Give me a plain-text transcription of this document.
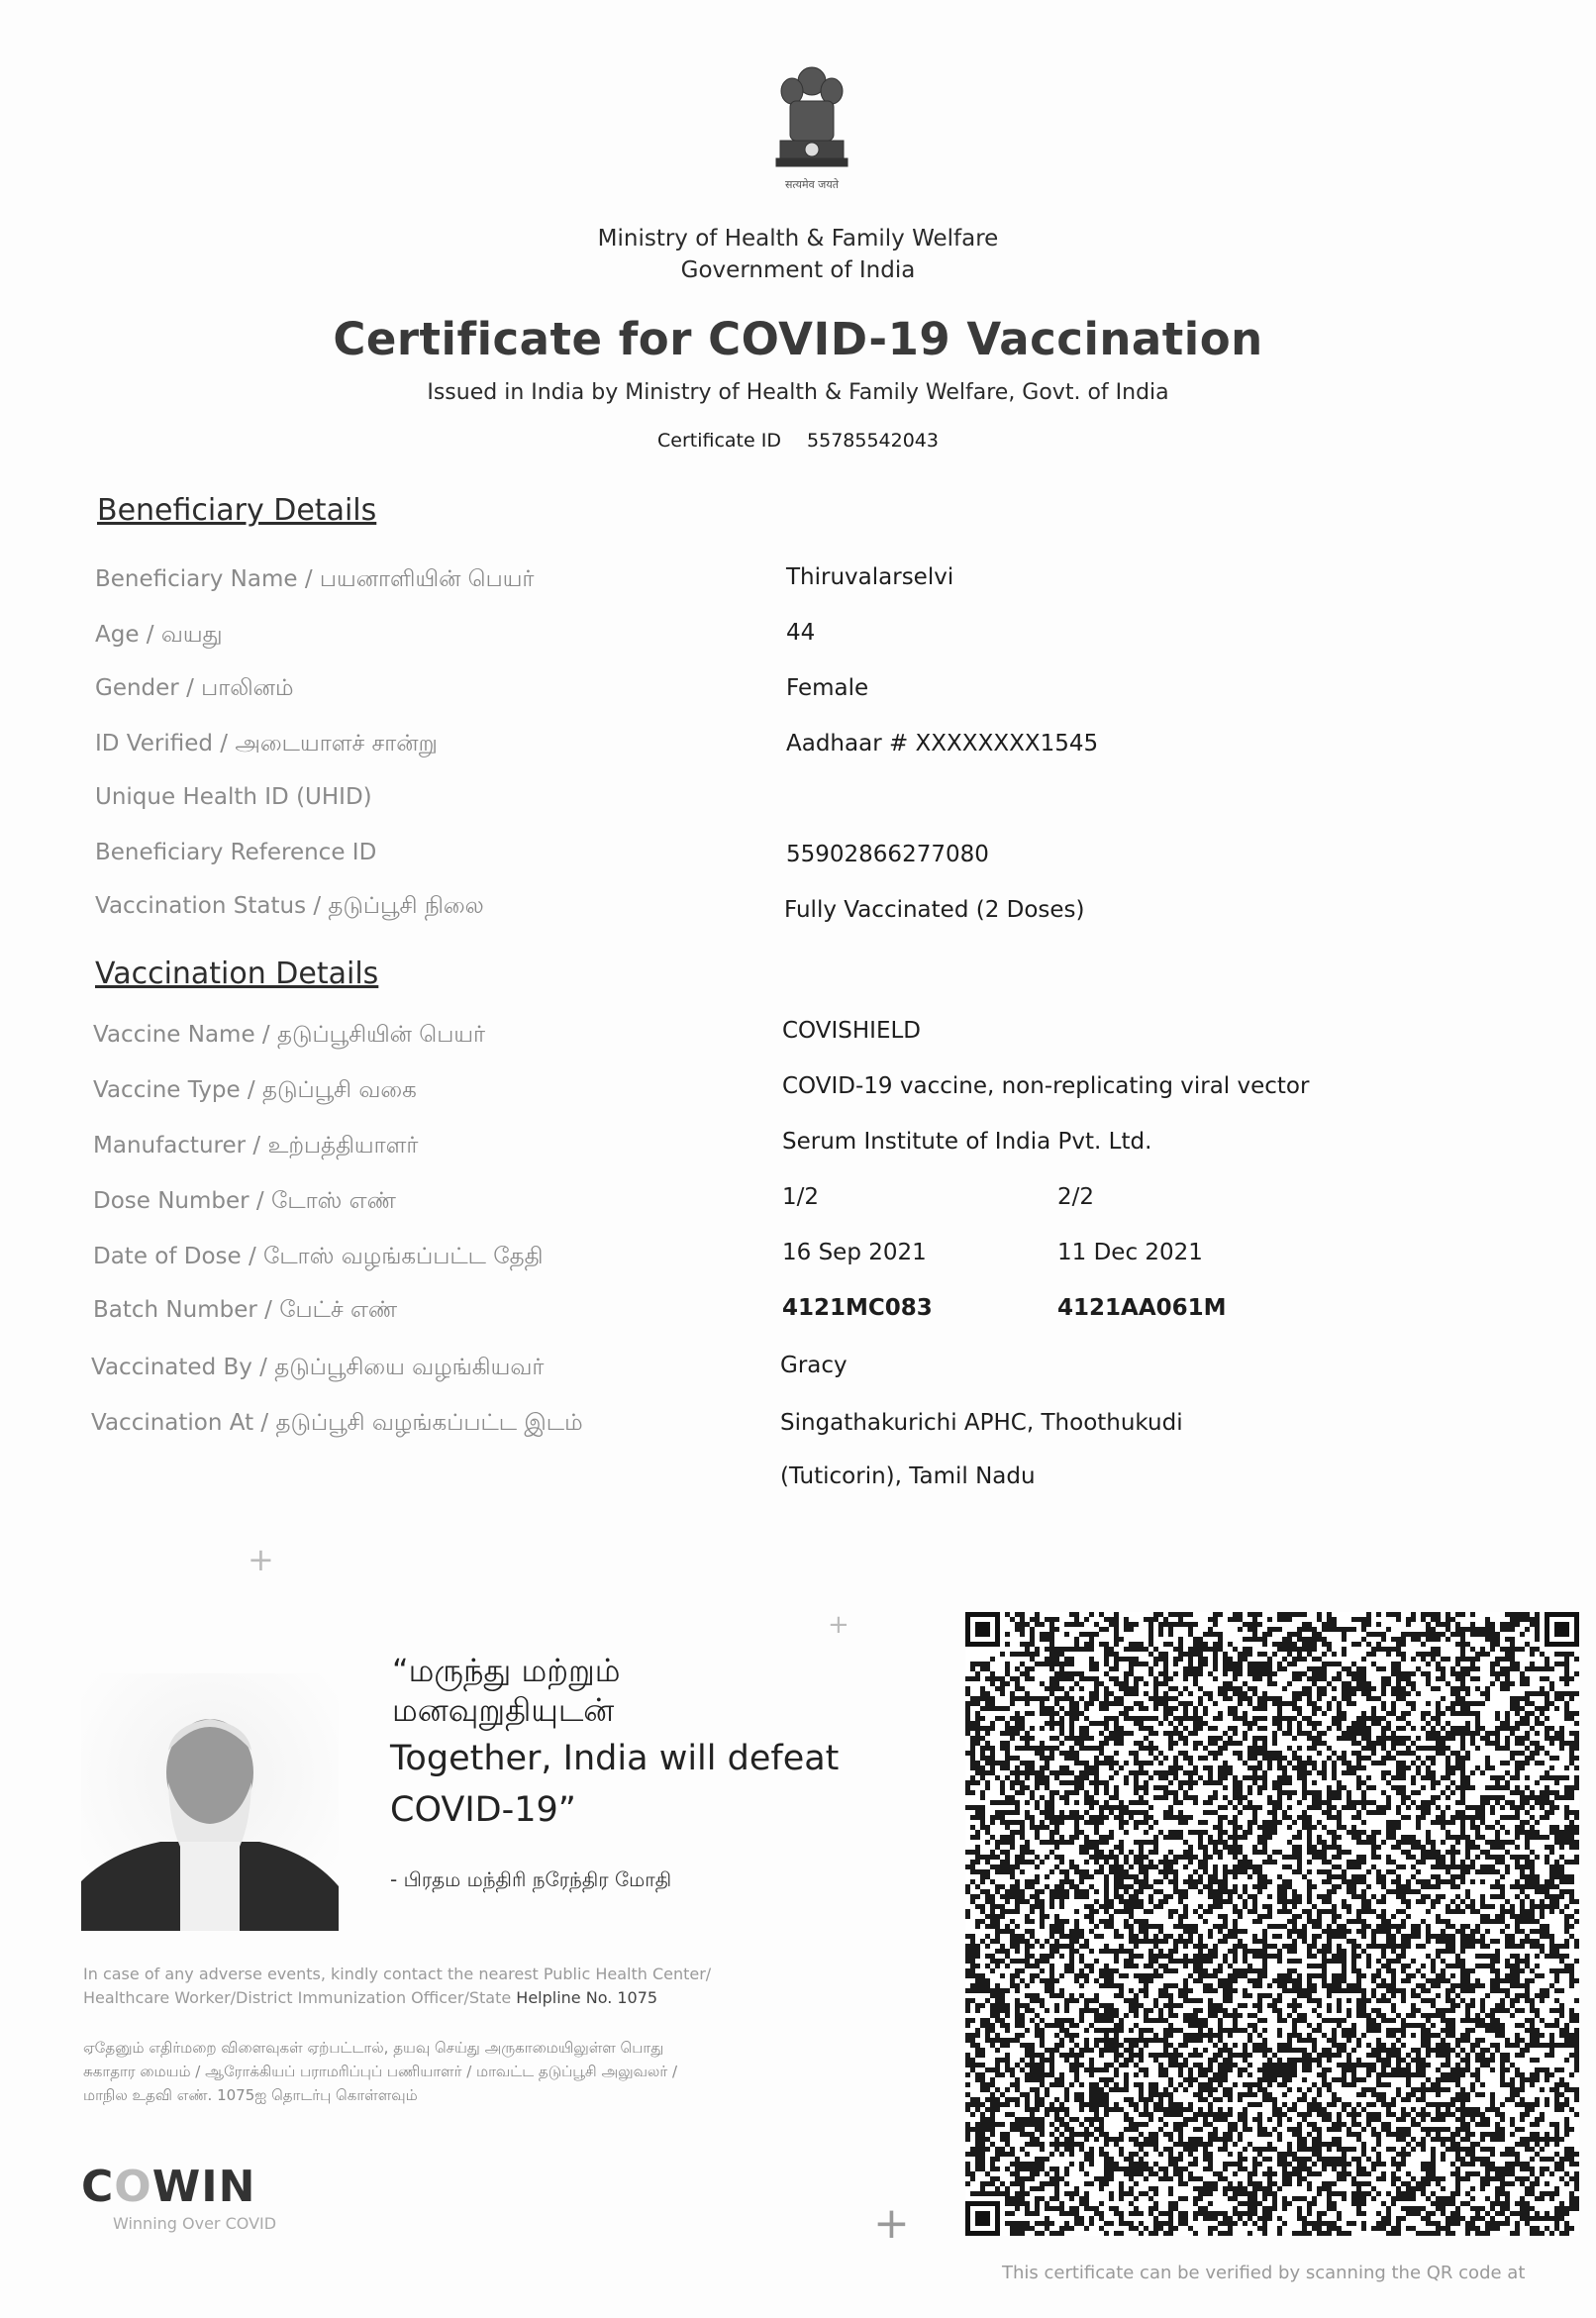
सत्यमेव जयते
Ministry of Health & Family Welfare
Government of India
Certificate for COVID-19 Vaccination
Issued in India by Ministry of Health & Family Welfare, Govt. of India
Certificate ID 55785542043
Beneficiary Details
Beneficiary Name / பயனாளியின் பெயர்	Thiruvalarselvi
Age / வயது	44
Gender / பாலினம்	Female
ID Verified / அடையாளச் சான்று	Aadhaar # XXXXXXXX1545
Unique Health ID (UHID)
Beneficiary Reference ID	55902866277080
Vaccination Status / தடுப்பூசி நிலை	Fully Vaccinated (2 Doses)
Vaccination Details
Vaccine Name / தடுப்பூசியின் பெயர்	COVISHIELD
Vaccine Type / தடுப்பூசி வகை	COVID-19 vaccine, non-replicating viral vector
Manufacturer / உற்பத்தியாளர்	Serum Institute of India Pvt. Ltd.
Dose Number / டோஸ் எண்	1/2	2/2
Date of Dose / டோஸ் வழங்கப்பட்ட தேதி	16 Sep 2021	11 Dec 2021
Batch Number / பேட்ச் எண்	4121MC083	4121AA061M
Vaccinated By / தடுப்பூசியை வழங்கியவர்	Gracy
Vaccination At / தடுப்பூசி வழங்கப்பட்ட இடம்	Singathakurichi APHC, Thoothukudi
(Tuticorin), Tamil Nadu
+
+
+
“மருந்து மற்றும்
மனவுறுதியுடன்
Together, India will defeat
COVID-19”
- பிரதம மந்திரி நரேந்திர மோதி
In case of any adverse events, kindly contact the nearest Public Health Center/
Healthcare Worker/District Immunization Officer/State Helpline No. 1075
ஏதேனும் எதிர்மறை விளைவுகள் ஏற்பட்டால், தயவு செய்து அருகாமையிலுள்ள பொது
சுகாதார மையம் / ஆரோக்கியப் பராமரிப்புப் பணியாளர் / மாவட்ட தடுப்பூசி அலுவலர் /
மாநில உதவி எண். 1075ஐ தொடர்பு கொள்ளவும்
COWIN
Winning Over COVID
This certificate can be verified by scanning the QR code at
